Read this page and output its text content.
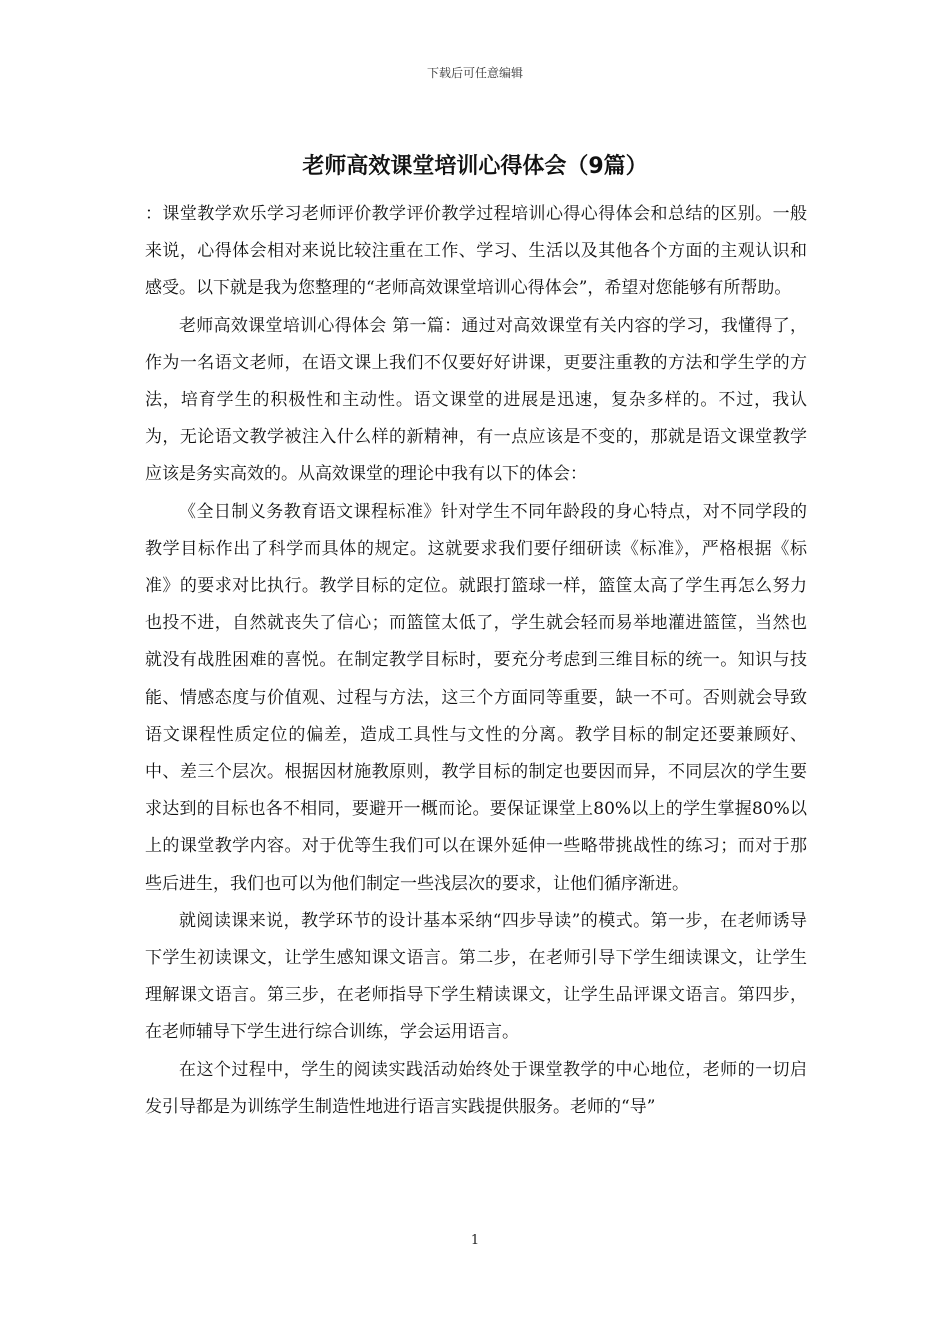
下载后可任意编辑
老师高效课堂培训心得体会（9篇）

：课堂教学欢乐学习老师评价教学评价教学过程培训心得心得体会和总结的区别。一般来说，心得体会相对来说比较注重在工作、学习、生活以及其他各个方面的主观认识和感受。以下就是我为您整理的“老师高效课堂培训心得体会”，希望对您能够有所帮助。

老师高效课堂培训心得体会 第一篇：通过对高效课堂有关内容的学习，我懂得了，作为一名语文老师，在语文课上我们不仅要好好讲课，更要注重教的方法和学生学的方法，培育学生的积极性和主动性。语文课堂的进展是迅速，复杂多样的。不过，我认为，无论语文教学被注入什么样的新精神，有一点应该是不变的，那就是语文课堂教学应该是务实高效的。从高效课堂的理论中我有以下的体会：

《全日制义务教育语文课程标准》针对学生不同年龄段的身心特点，对不同学段的教学目标作出了科学而具体的规定。这就要求我们要仔细研读《标准》，严格根据《标准》的要求对比执行。教学目标的定位。就跟打篮球一样，篮筐太高了学生再怎么努力也投不进，自然就丧失了信心；而篮筐太低了，学生就会轻而易举地灌进篮筐，当然也就没有战胜困难的喜悦。在制定教学目标时，要充分考虑到三维目标的统一。知识与技能、情感态度与价值观、过程与方法，这三个方面同等重要，缺一不可。否则就会导致语文课程性质定位的偏差，造成工具性与文性的分离。教学目标的制定还要兼顾好、中、差三个层次。根据因材施教原则，教学目标的制定也要因而异，不同层次的学生要求达到的目标也各不相同，要避开一概而论。要保证课堂上80%以上的学生掌握80%以上的课堂教学内容。对于优等生我们可以在课外延伸一些略带挑战性的练习；而对于那些后进生，我们也可以为他们制定一些浅层次的要求，让他们循序渐进。

就阅读课来说，教学环节的设计基本采纳“四步导读”的模式。第一步，在老师诱导下学生初读课文，让学生感知课文语言。第二步，在老师引导下学生细读课文，让学生理解课文语言。第三步，在老师指导下学生精读课文，让学生品评课文语言。第四步，在老师辅导下学生进行综合训练，学会运用语言。

在这个过程中，学生的阅读实践活动始终处于课堂教学的中心地位，老师的一切启发引导都是为训练学生制造性地进行语言实践提供服务。老师的“导”

1
